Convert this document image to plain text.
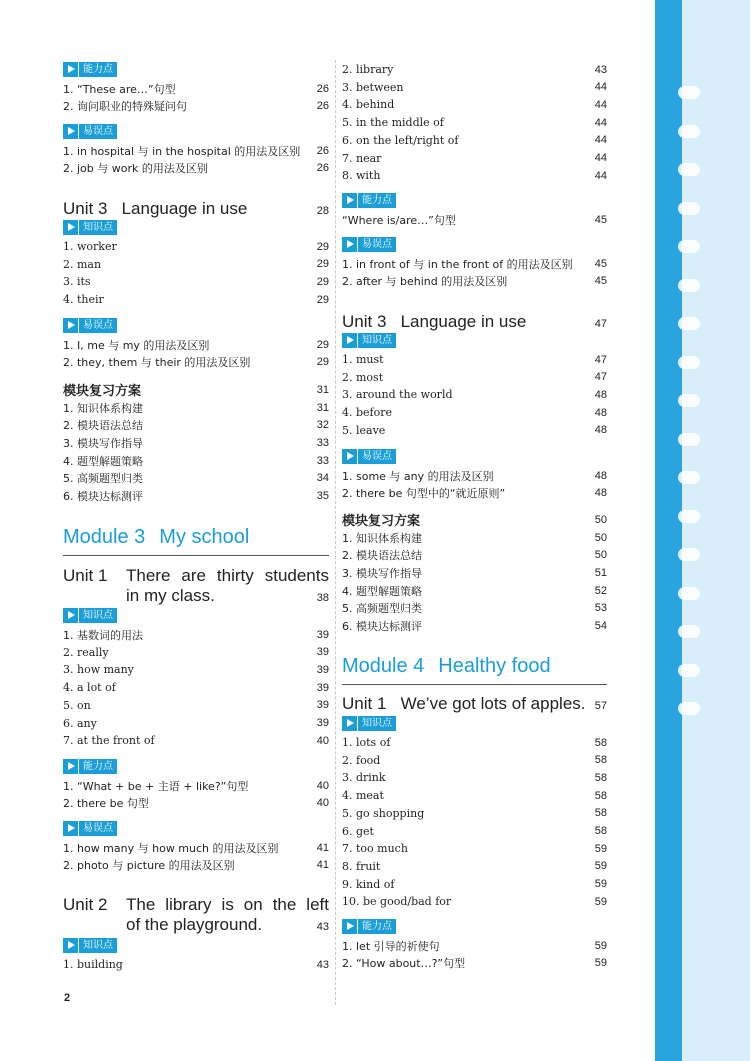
能力点
1. “These are…”句型	26
2. 询问职业的特殊疑问句	26
易误点
1. in hospital 与 in the hospital 的用法及区别 26
2. job 与 work 的用法及区别	26
Unit 3 Language in use	28
知识点
1. worker	29
2. man	29
3. its	29
4. their	29
易误点
1. I, me 与 my 的用法及区别	29
2. they, them 与 their 的用法及区别	29
模块复习方案	31
1. 知识体系构建	31
2. 模块语法总结	32
3. 模块写作指导	33
4. 题型解题策略	33
5. 高频题型归类	34
6. 模块达标测评	35
Module 3 My school
Unit 1	There are thirty students
in my class.	38
知识点
1. 基数词的用法	39
2. really	39
3. how many	39
4. a lot of	39
5. on	39
6. any	39
7. at the front of	40
能力点
1. “What + be + 主语 + like?”句型	40
2. there be 句型	40
易误点
1. how many 与 how much 的用法及区别	41
2. photo 与 picture 的用法及区别	41
Unit 2	The library is on the left
of the playground.	43
知识点
1. building	43
2. library	43
3. between	44
4. behind	44
5. in the middle of	44
6. on the left/right of	44
7. near	44
8. with	44
能力点
“Where is/are…”句型	45
易误点
1. in front of 与 in the front of 的用法及区别 45
2. after 与 behind 的用法及区别	45
Unit 3 Language in use	47
知识点
1. must	47
2. most	47
3. around the world	48
4. before	48
5. leave	48
易误点
1. some 与 any 的用法及区别	48
2. there be 句型中的“就近原则”	48
模块复习方案	50
1. 知识体系构建	50
2. 模块语法总结	50
3. 模块写作指导	51
4. 题型解题策略	52
5. 高频题型归类	53
6. 模块达标测评	54
Module 4 Healthy food
Unit 1 We’ve got lots of apples. 57
知识点
1. lots of	58
2. food	58
3. drink	58
4. meat	58
5. go shopping	58
6. get	58
7. too much	59
8. fruit	59
9. kind of	59
10. be good/bad for	59
能力点
1. let 引导的祈使句	59
2. “How about…?”句型	59
2
